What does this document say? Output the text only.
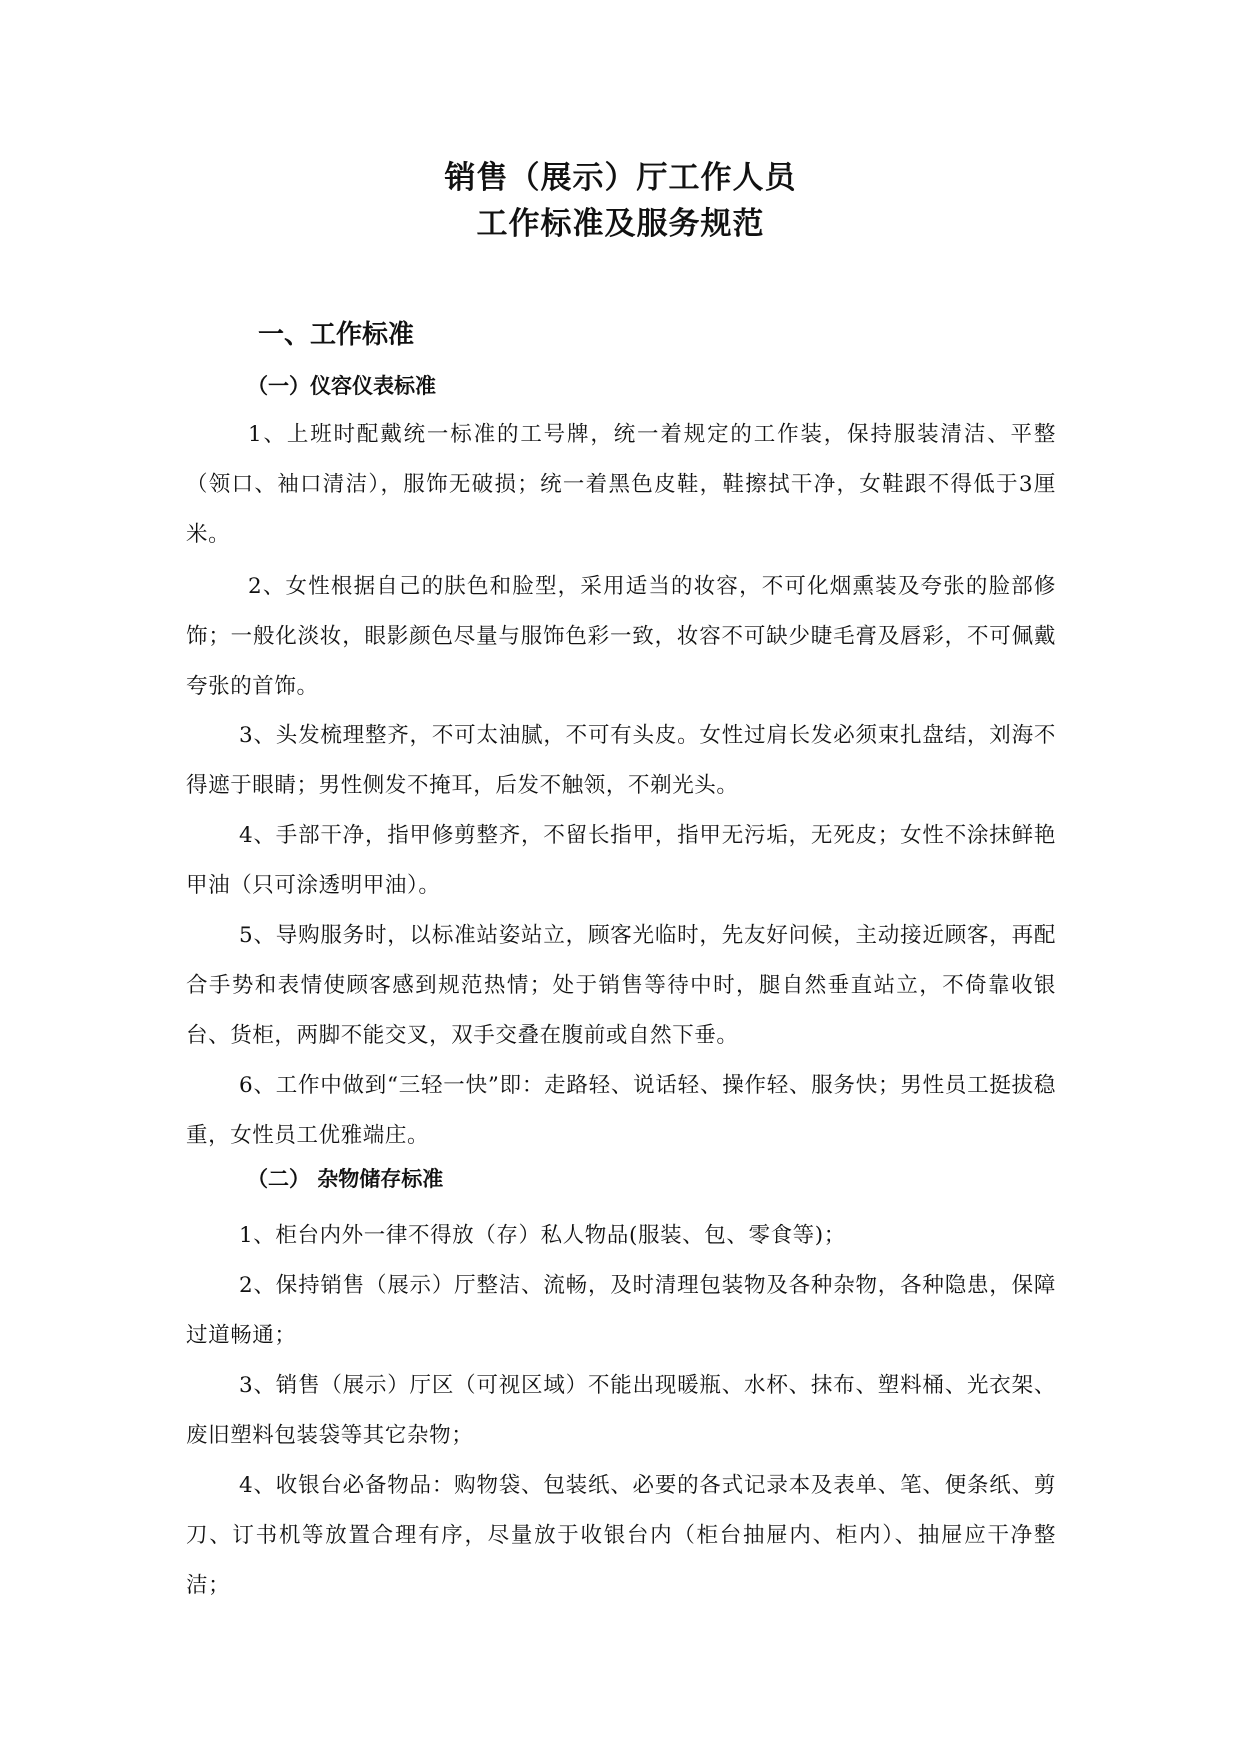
销售（展示）厅工作人员
工作标准及服务规范
一、工作标准
（一）仪容仪表标准

1、上班时配戴统一标准的工号牌，统一着规定的工作装，保持服装清洁、平整（领口、袖口清洁），服饰无破损；统一着黑色皮鞋，鞋擦拭干净，女鞋跟不得低于3厘米。

2、女性根据自己的肤色和脸型，采用适当的妆容，不可化烟熏装及夸张的脸部修饰；一般化淡妆，眼影颜色尽量与服饰色彩一致，妆容不可缺少睫毛膏及唇彩，不可佩戴夸张的首饰。

3、头发梳理整齐，不可太油腻，不可有头皮。女性过肩长发必须束扎盘结，刘海不得遮于眼睛；男性侧发不掩耳，后发不触领，不剃光头。

4、手部干净，指甲修剪整齐，不留长指甲，指甲无污垢，无死皮；女性不涂抹鲜艳甲油（只可涂透明甲油）。

5、导购服务时，以标准站姿站立，顾客光临时，先友好问候，主动接近顾客，再配合手势和表情使顾客感到规范热情；处于销售等待中时，腿自然垂直站立，不倚靠收银台、货柜，两脚不能交叉，双手交叠在腹前或自然下垂。

6、工作中做到“三轻一快”即：走路轻、说话轻、操作轻、服务快；男性员工挺拔稳重，女性员工优雅端庄。

（二） 杂物储存标准

1、柜台内外一律不得放（存）私人物品(服装、包、零食等)；

2、保持销售（展示）厅整洁、流畅，及时清理包装物及各种杂物，各种隐患，保障过道畅通；

3、销售（展示）厅区（可视区域）不能出现暖瓶、水杯、抹布、塑料桶、光衣架、废旧塑料包装袋等其它杂物；

4、收银台必备物品：购物袋、包装纸、必要的各式记录本及表单、笔、便条纸、剪刀、订书机等放置合理有序，尽量放于收银台内（柜台抽屉内、柜内）、抽屉应干净整洁；
